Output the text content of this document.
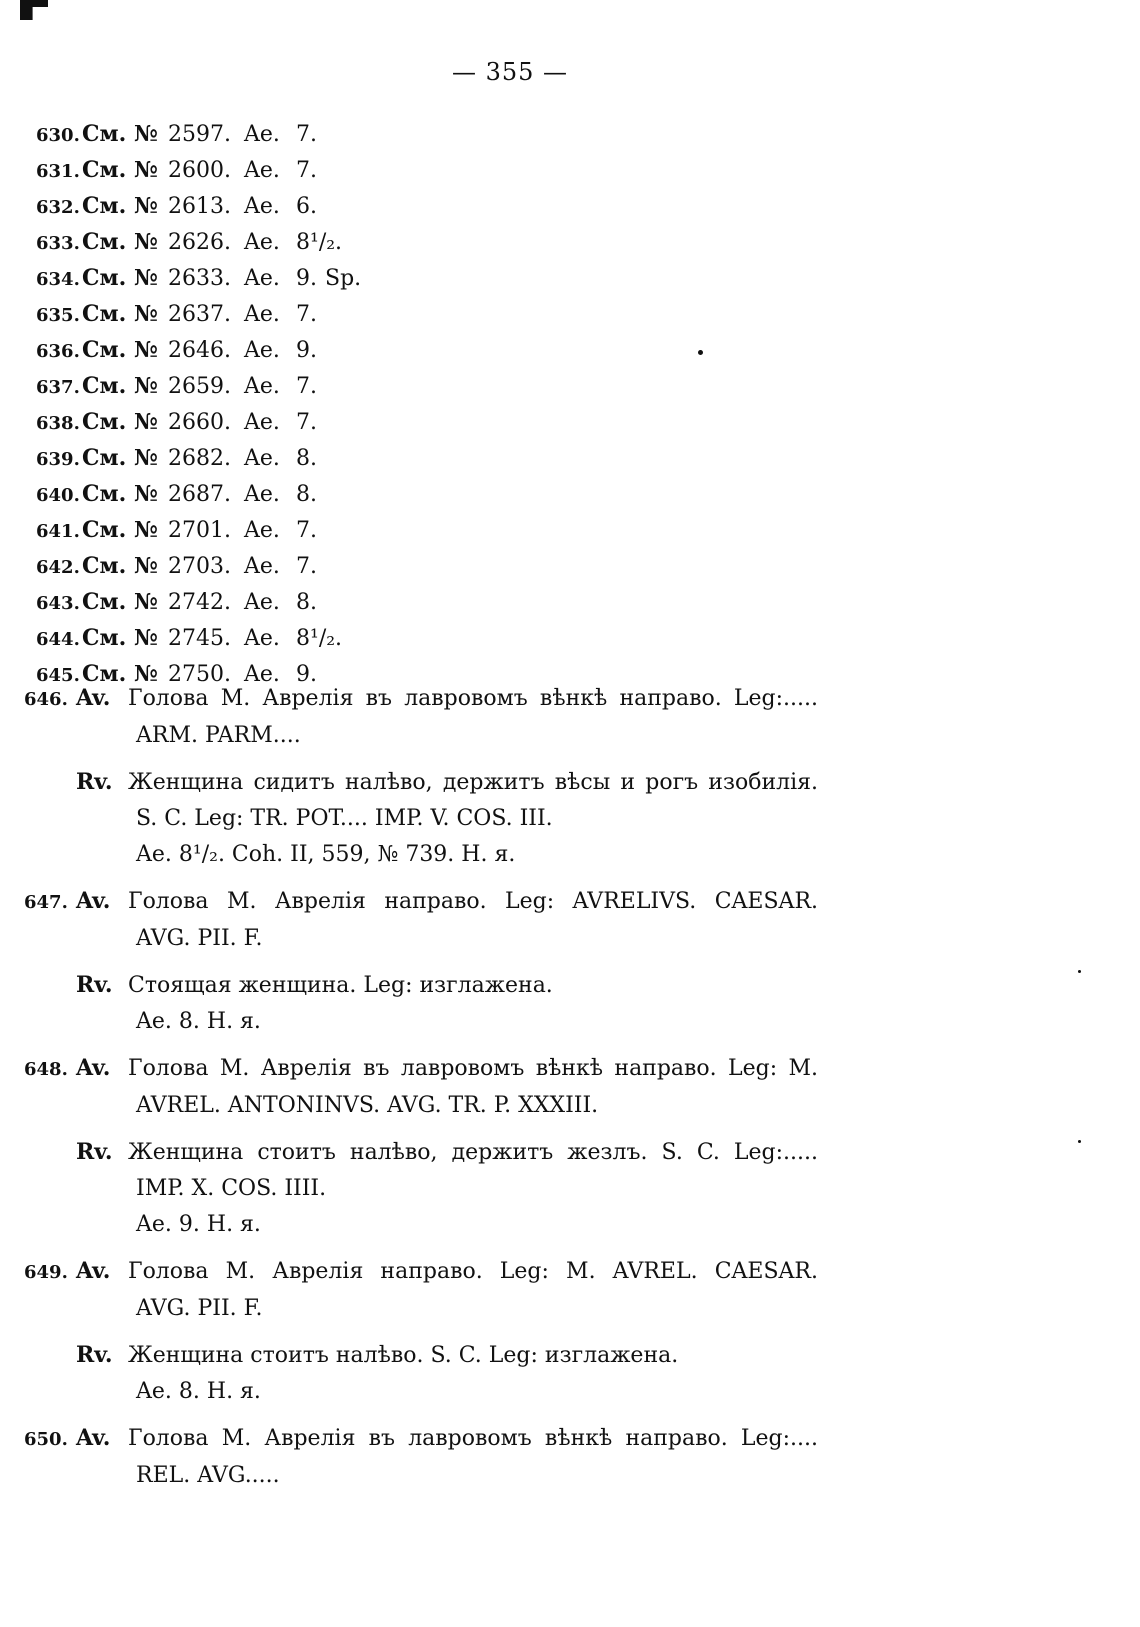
— 355 —
630.См. № 2597. Ae. 7.
631.См. № 2600. Ae. 7.
632.См. № 2613. Ae. 6.
633.См. № 2626. Ae. 8¹/₂.
634.См. № 2633. Ae. 9. Sp.
635.См. № 2637. Ae. 7.
636.См. № 2646. Ae. 9.
637.См. № 2659. Ae. 7.
638.См. № 2660. Ae. 7.
639.См. № 2682. Ae. 8.
640.См. № 2687. Ae. 8.
641.См. № 2701. Ae. 7.
642.См. № 2703. Ae. 7.
643.См. № 2742. Ae. 8.
644.См. № 2745. Ae. 8¹/₂.
645.См. № 2750. Ae. 9.
646. Av. Голова М. Аврелія въ лавровомъ вѣнкѣ направо. Leg:.....
ARM. PARM....
Rv. Женщина сидитъ налѣво, держитъ вѣсы и рогъ изобилія.
S. C. Leg: TR. POT.... IMP. V. COS. III.
Ae. 8¹/₂. Coh. II, 559, № 739. H. я.
647. Av. Голова М. Аврелія направо. Leg: AVRELIVS. CAESAR.
AVG. PII. F.
Rv. Стоящая женщина. Leg: изглажена.
Ae. 8. H. я.
648. Av. Голова М. Аврелія въ лавровомъ вѣнкѣ направо. Leg: M.
AVREL. ANTONINVS. AVG. TR. P. XXXIII.
Rv. Женщина стоитъ налѣво, держитъ жезлъ. S. C. Leg:.....
IMP. X. COS. IIII.
Ae. 9. H. я.
649. Av. Голова М. Аврелія направо. Leg: M. AVREL. CAESAR.
AVG. PII. F.
Rv. Женщина стоитъ налѣво. S. C. Leg: изглажена.
Ae. 8. H. я.
650. Av. Голова М. Аврелія въ лавровомъ вѣнкѣ направо. Leg:....
REL. AVG.....
